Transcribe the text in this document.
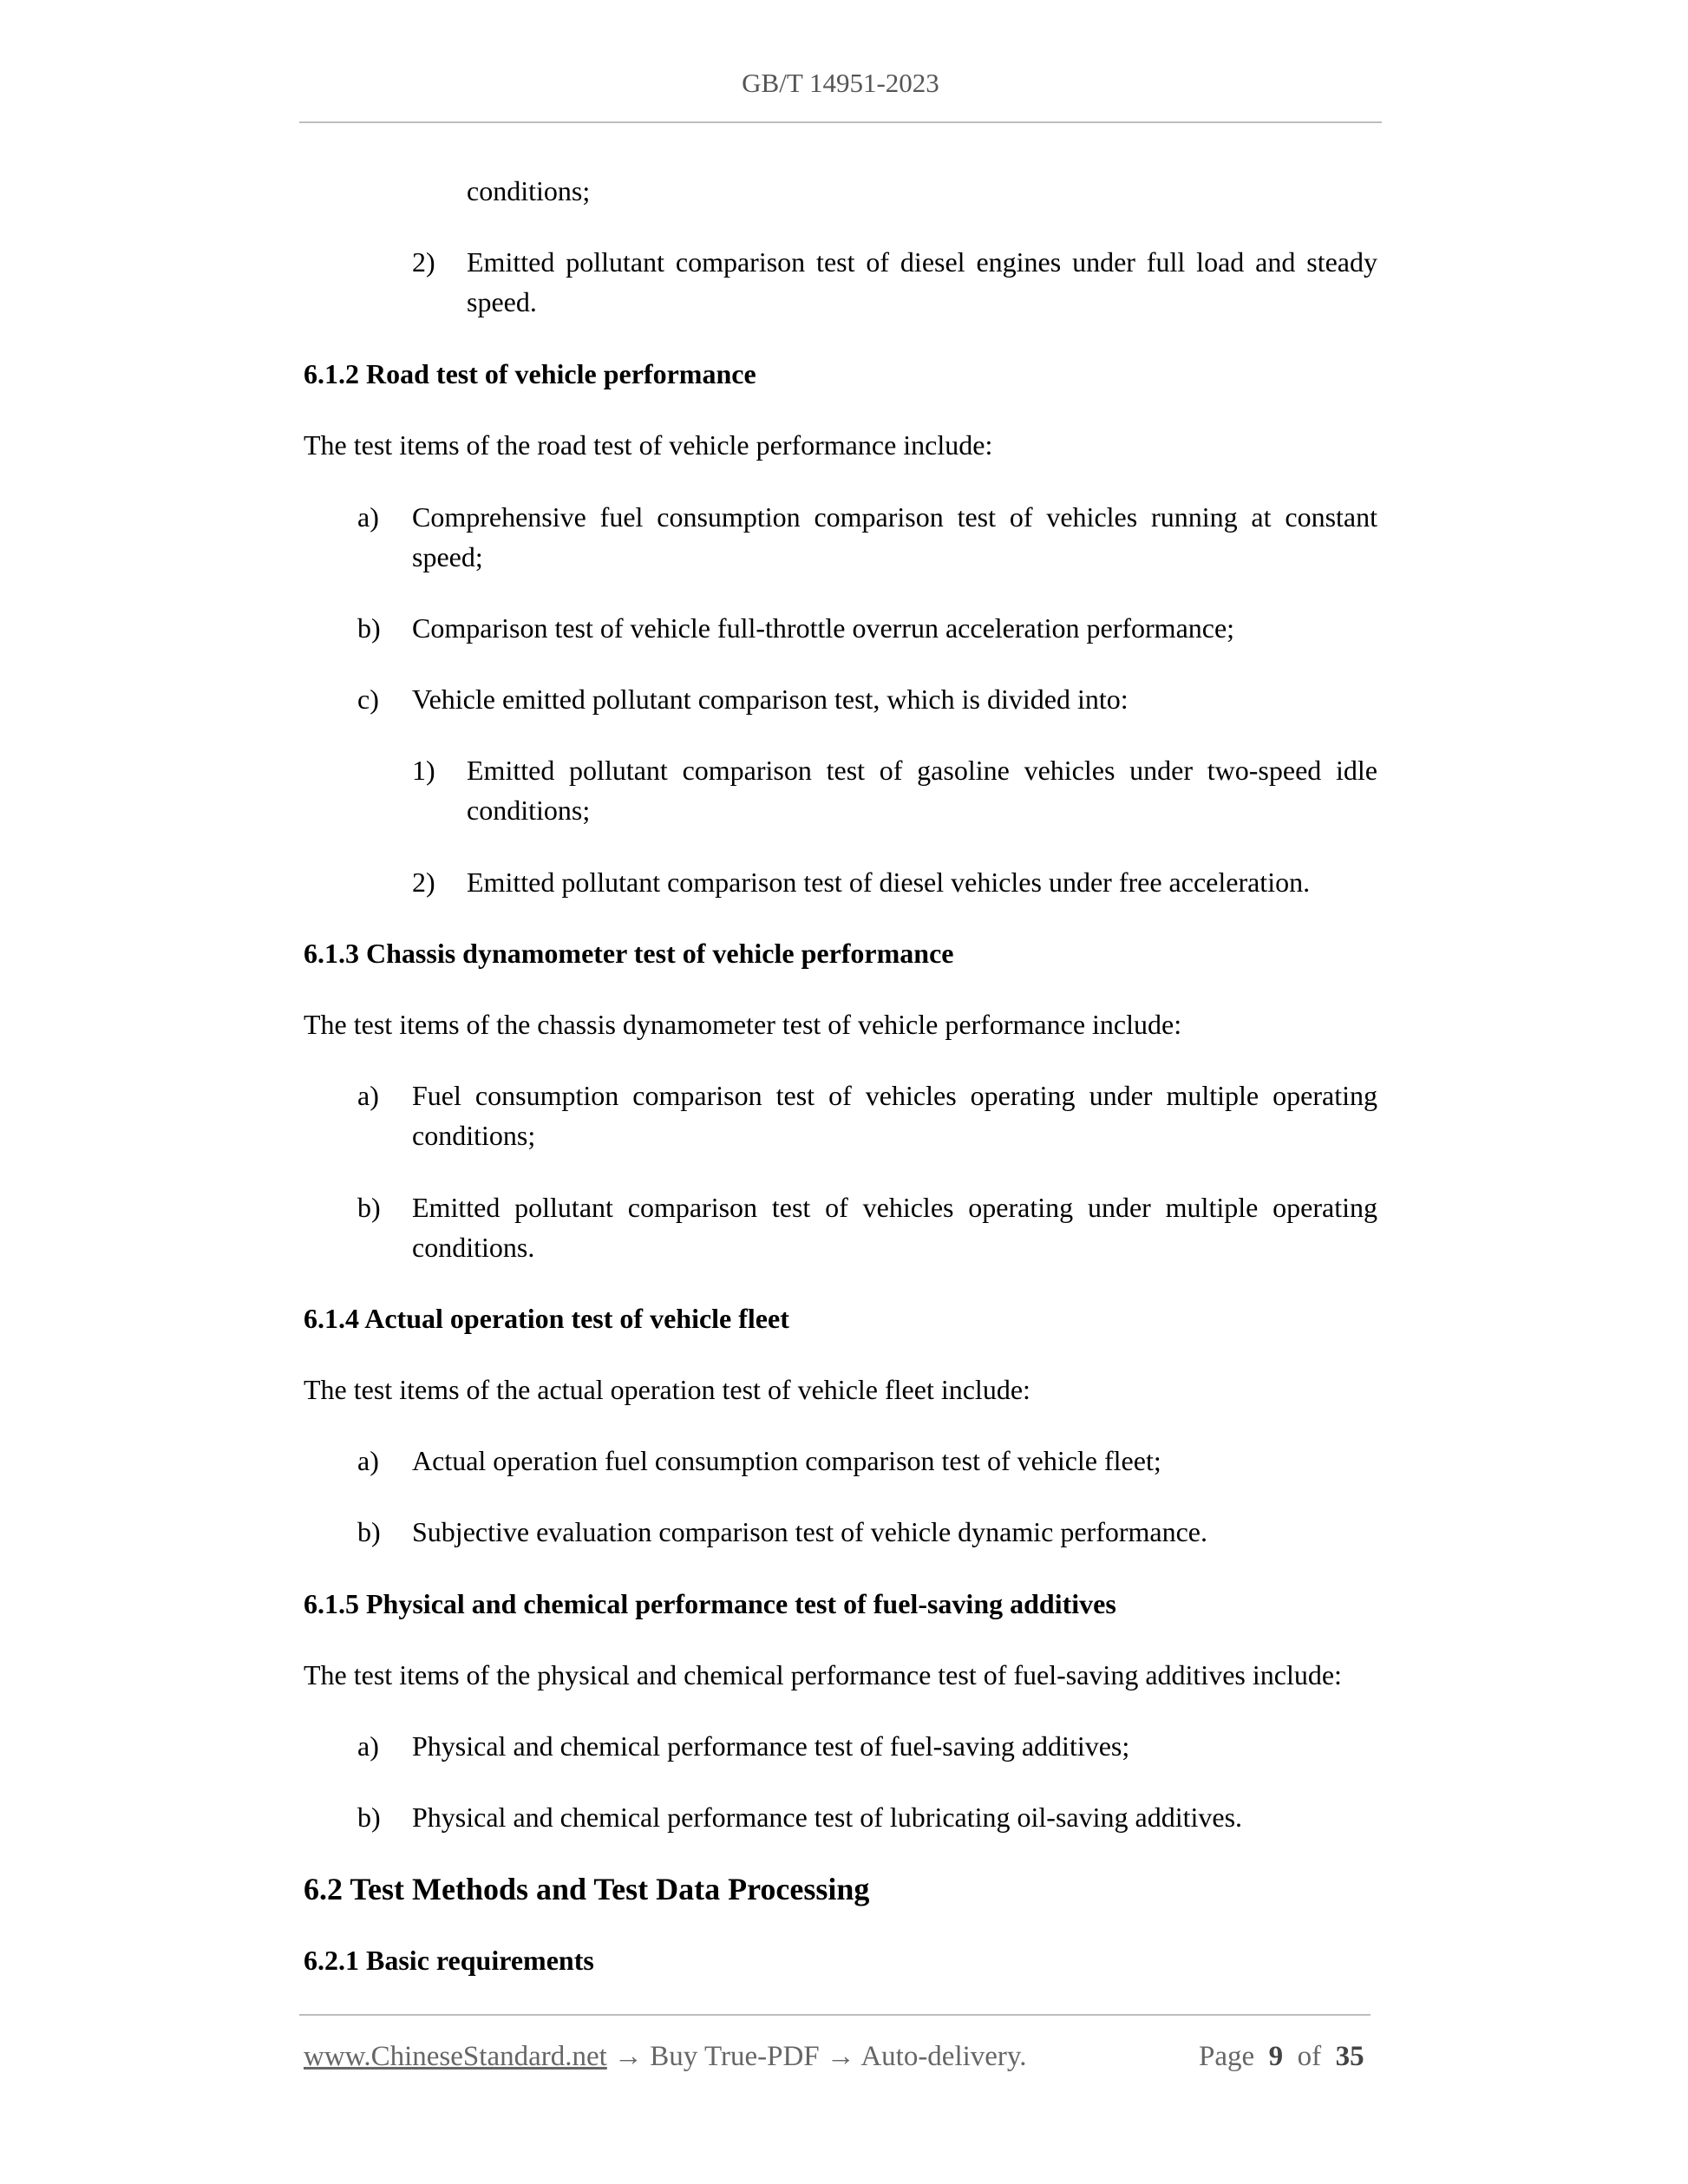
GB/T 14951-2023
conditions;
2) Emitted pollutant comparison test of diesel engines under full load and steady
speed.
6.1.2 Road test of vehicle performance
The test items of the road test of vehicle performance include:
a) Comprehensive fuel consumption comparison test of vehicles running at constant
speed;
b) Comparison test of vehicle full-throttle overrun acceleration performance;
c) Vehicle emitted pollutant comparison test, which is divided into:
1) Emitted pollutant comparison test of gasoline vehicles under two-speed idle
conditions;
2) Emitted pollutant comparison test of diesel vehicles under free acceleration.
6.1.3 Chassis dynamometer test of vehicle performance
The test items of the chassis dynamometer test of vehicle performance include:
a) Fuel consumption comparison test of vehicles operating under multiple operating
conditions;
b) Emitted pollutant comparison test of vehicles operating under multiple operating
conditions.
6.1.4 Actual operation test of vehicle fleet
The test items of the actual operation test of vehicle fleet include:
a) Actual operation fuel consumption comparison test of vehicle fleet;
b) Subjective evaluation comparison test of vehicle dynamic performance.
6.1.5 Physical and chemical performance test of fuel-saving additives
The test items of the physical and chemical performance test of fuel-saving additives include:
a) Physical and chemical performance test of fuel-saving additives;
b) Physical and chemical performance test of lubricating oil-saving additives.
6.2 Test Methods and Test Data Processing
6.2.1 Basic requirements
www.ChineseStandard.net → Buy True-PDF → Auto-delivery.	Page 9 of 35
